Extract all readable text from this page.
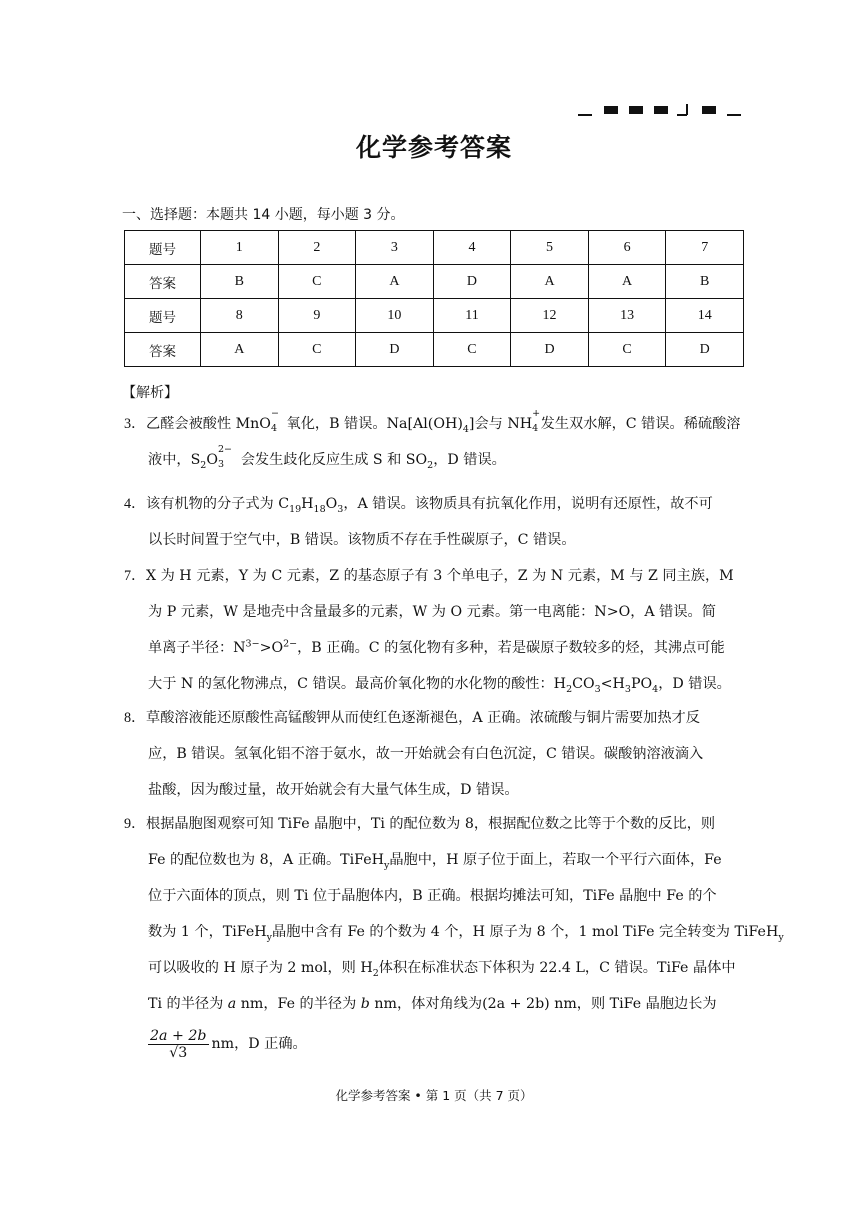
化学参考答案
一、选择题：本题共 14 小题，每小题 3 分。
题号	1	2	3	4	5	6	7
答案	B	C	A	D	A	A	B
题号	8	9	10	11	12	13	14
答案	A	C	D	C	D	C	D
【解析】
3．乙醛会被酸性 MnO 
−
4
  氧化，B 错误。$Na[Al(OH)_4]$会与 NH 
+
4
  发生双水解，C 错误。稀硫酸溶
液中，$S_2O$ 
2−
3
   会发生歧化反应生成 S 和 $SO_2$，D 错误。
4．该有机物的分子式为 $C_{19}H_{18}O_3$，A 错误。该物质具有抗氧化作用，说明有还原性，故不可
以长时间置于空气中，B 错误。该物质不存在手性碳原子，C 错误。
7．X 为 H 元素，Y 为 C 元素，Z 的基态原子有 3 个单电子，Z 为 N 元素，M 与 Z 同主族，M
为 P 元素，W 是地壳中含量最多的元素，W 为 O 元素。第一电离能：N>O，A 错误。简
单离子半径：$N^{3-}>O^{2-}$，B 正确。C 的氢化物有多种，若是碳原子数较多的烃，其沸点可能
大于 N 的氢化物沸点，C 错误。最高价氧化物的水化物的酸性：$H_2CO_3<H_3PO_4$，D 错误。
8．草酸溶液能还原酸性高锰酸钾从而使红色逐渐褪色，A 正确。浓硫酸与铜片需要加热才反
应，B 错误。氢氧化铝不溶于氨水，故一开始就会有白色沉淀，C 错误。碳酸钠溶液滴入
盐酸，因为酸过量，故开始就会有大量气体生成，D 错误。
9．根据晶胞图观察可知 TiFe 晶胞中，Ti 的配位数为 8，根据配位数之比等于个数的反比，则
Fe 的配位数也为 8，A 正确。TiFeH$_y$晶胞中，H 原子位于面上，若取一个平行六面体，Fe
位于六面体的顶点，则 Ti 位于晶胞体内，B 正确。根据均摊法可知，TiFe 晶胞中 Fe 的个
数为 1 个，TiFeH$_y$晶胞中含有 Fe 的个数为 4 个，H 原子为 8 个，1 mol TiFe 完全转变为 TiFeH$_y$
可以吸收的 H 原子为 2 mol，则 $H_2$体积在标准状态下体积为 22.4 L，C 错误。TiFe 晶体中
Ti 的半径为 a nm，Fe 的半径为 b nm，体对角线为(2a + 2b) nm，则 TiFe 晶胞边长为
$\frac{2a + 2b}{√3}$ nm，D 正确。
化学参考答案 • 第 1 页（共 7 页）
